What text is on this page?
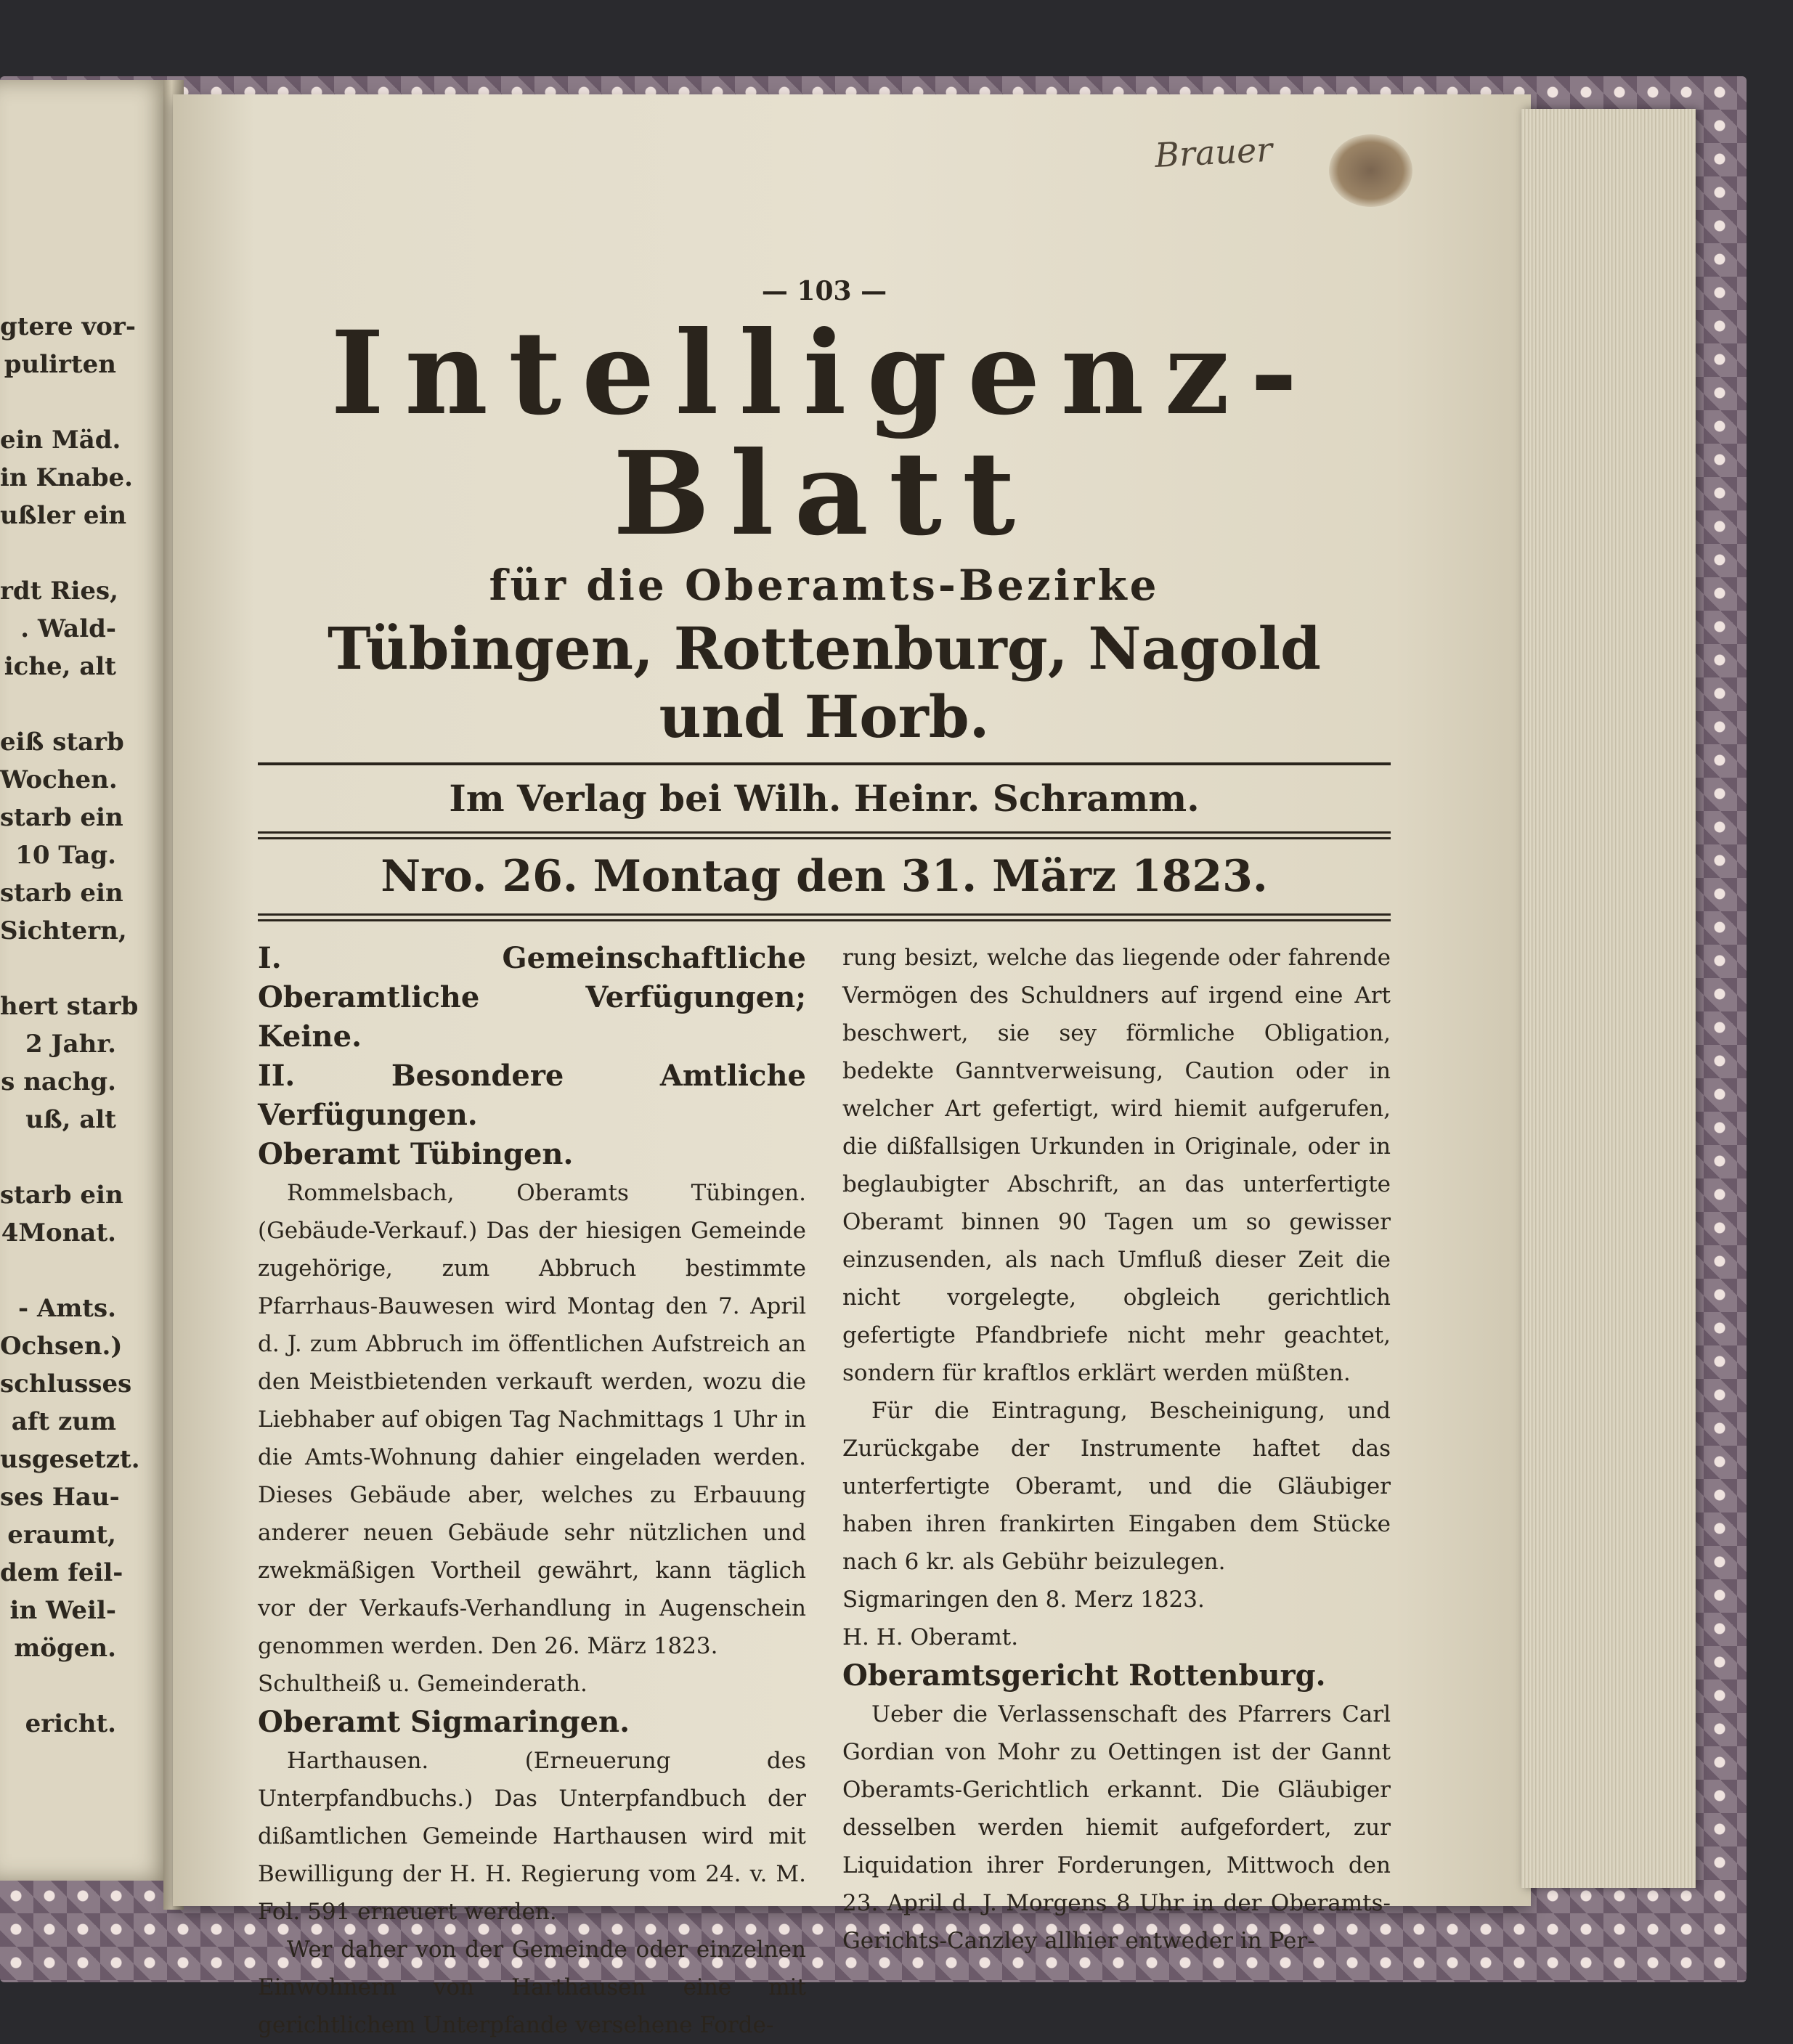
Brauer
gtere vor-
pulirten
ein Mäd.
in Knabe.
ußler ein
rdt Ries,
. Wald-
iche, alt
eiß starb
Wochen.
starb ein
10 Tag.
starb ein
Sichtern,
hert starb
2 Jahr.
s nachg.
uß, alt
starb ein
4Monat.
- Amts.
Ochsen.)
schlusses
aft zum
usgesetzt.
ses Hau-
eraumt,
dem feil-
in Weil-
mögen.
ericht.
— 103 —
Intelligenz-Blatt
für die Oberamts-Bezirke
Tübingen, Rottenburg, Nagold und Horb.
Im Verlag bei Wilh. Heinr. Schramm.
Nro. 26. Montag den 31. März 1823.

I. Gemeinschaftliche Oberamtliche Verfügungen; Keine.

II. Besondere Amtliche Verfügungen.

Oberamt Tübingen.

Rommelsbach, Oberamts Tübingen. (Gebäude-Verkauf.) Das der hiesigen Gemeinde zugehörige, zum Abbruch bestimmte Pfarrhaus-Bauwesen wird Montag den 7. April d. J. zum Abbruch im öffentlichen Aufstreich an den Meistbietenden verkauft werden, wozu die Liebhaber auf obigen Tag Nachmittags 1 Uhr in die Amts-Wohnung dahier eingeladen werden. Dieses Gebäude aber, welches zu Erbauung anderer neuen Gebäude sehr nützlichen und zwekmäßigen Vortheil gewährt, kann täglich vor der Verkaufs-Verhandlung in Augenschein genommen werden. Den 26. März 1823.

Schultheiß u. Gemeinderath.

Oberamt Sigmaringen.

Harthausen. (Erneuerung des Unterpfandbuchs.) Das Unterpfandbuch der dißamtlichen Gemeinde Harthausen wird mit Bewilligung der H. H. Regierung vom 24. v. M. Fol. 591 erneuert werden.

Wer daher von der Gemeinde oder einzelnen Einwohnern von Harthausen eine mit gerichtlichem Unterpfande versehene Forde-

rung besizt, welche das liegende oder fahrende Vermögen des Schuldners auf irgend eine Art beschwert, sie sey förmliche Obligation, bedekte Ganntverweisung, Caution oder in welcher Art gefertigt, wird hiemit aufgerufen, die dißfallsigen Urkunden in Originale, oder in beglaubigter Abschrift, an das unterfertigte Oberamt binnen 90 Tagen um so gewisser einzusenden, als nach Umfluß dieser Zeit die nicht vorgelegte, obgleich gerichtlich gefertigte Pfandbriefe nicht mehr geachtet, sondern für kraftlos erklärt werden müßten.

Für die Eintragung, Bescheinigung, und Zurückgabe der Instrumente haftet das unterfertigte Oberamt, und die Gläubiger haben ihren frankirten Eingaben dem Stücke nach 6 kr. als Gebühr beizulegen.

Sigmaringen den 8. Merz 1823.

H. H. Oberamt.

Oberamtsgericht Rottenburg.

Ueber die Verlassenschaft des Pfarrers Carl Gordian von Mohr zu Oettingen ist der Gannt Oberamts-Gerichtlich erkannt. Die Gläubiger desselben werden hiemit aufgefordert, zur Liquidation ihrer Forderungen, Mittwoch den 23. April d. J. Morgens 8 Uhr in der Oberamts-Gerichts-Canzley allhier entweder in Per-
